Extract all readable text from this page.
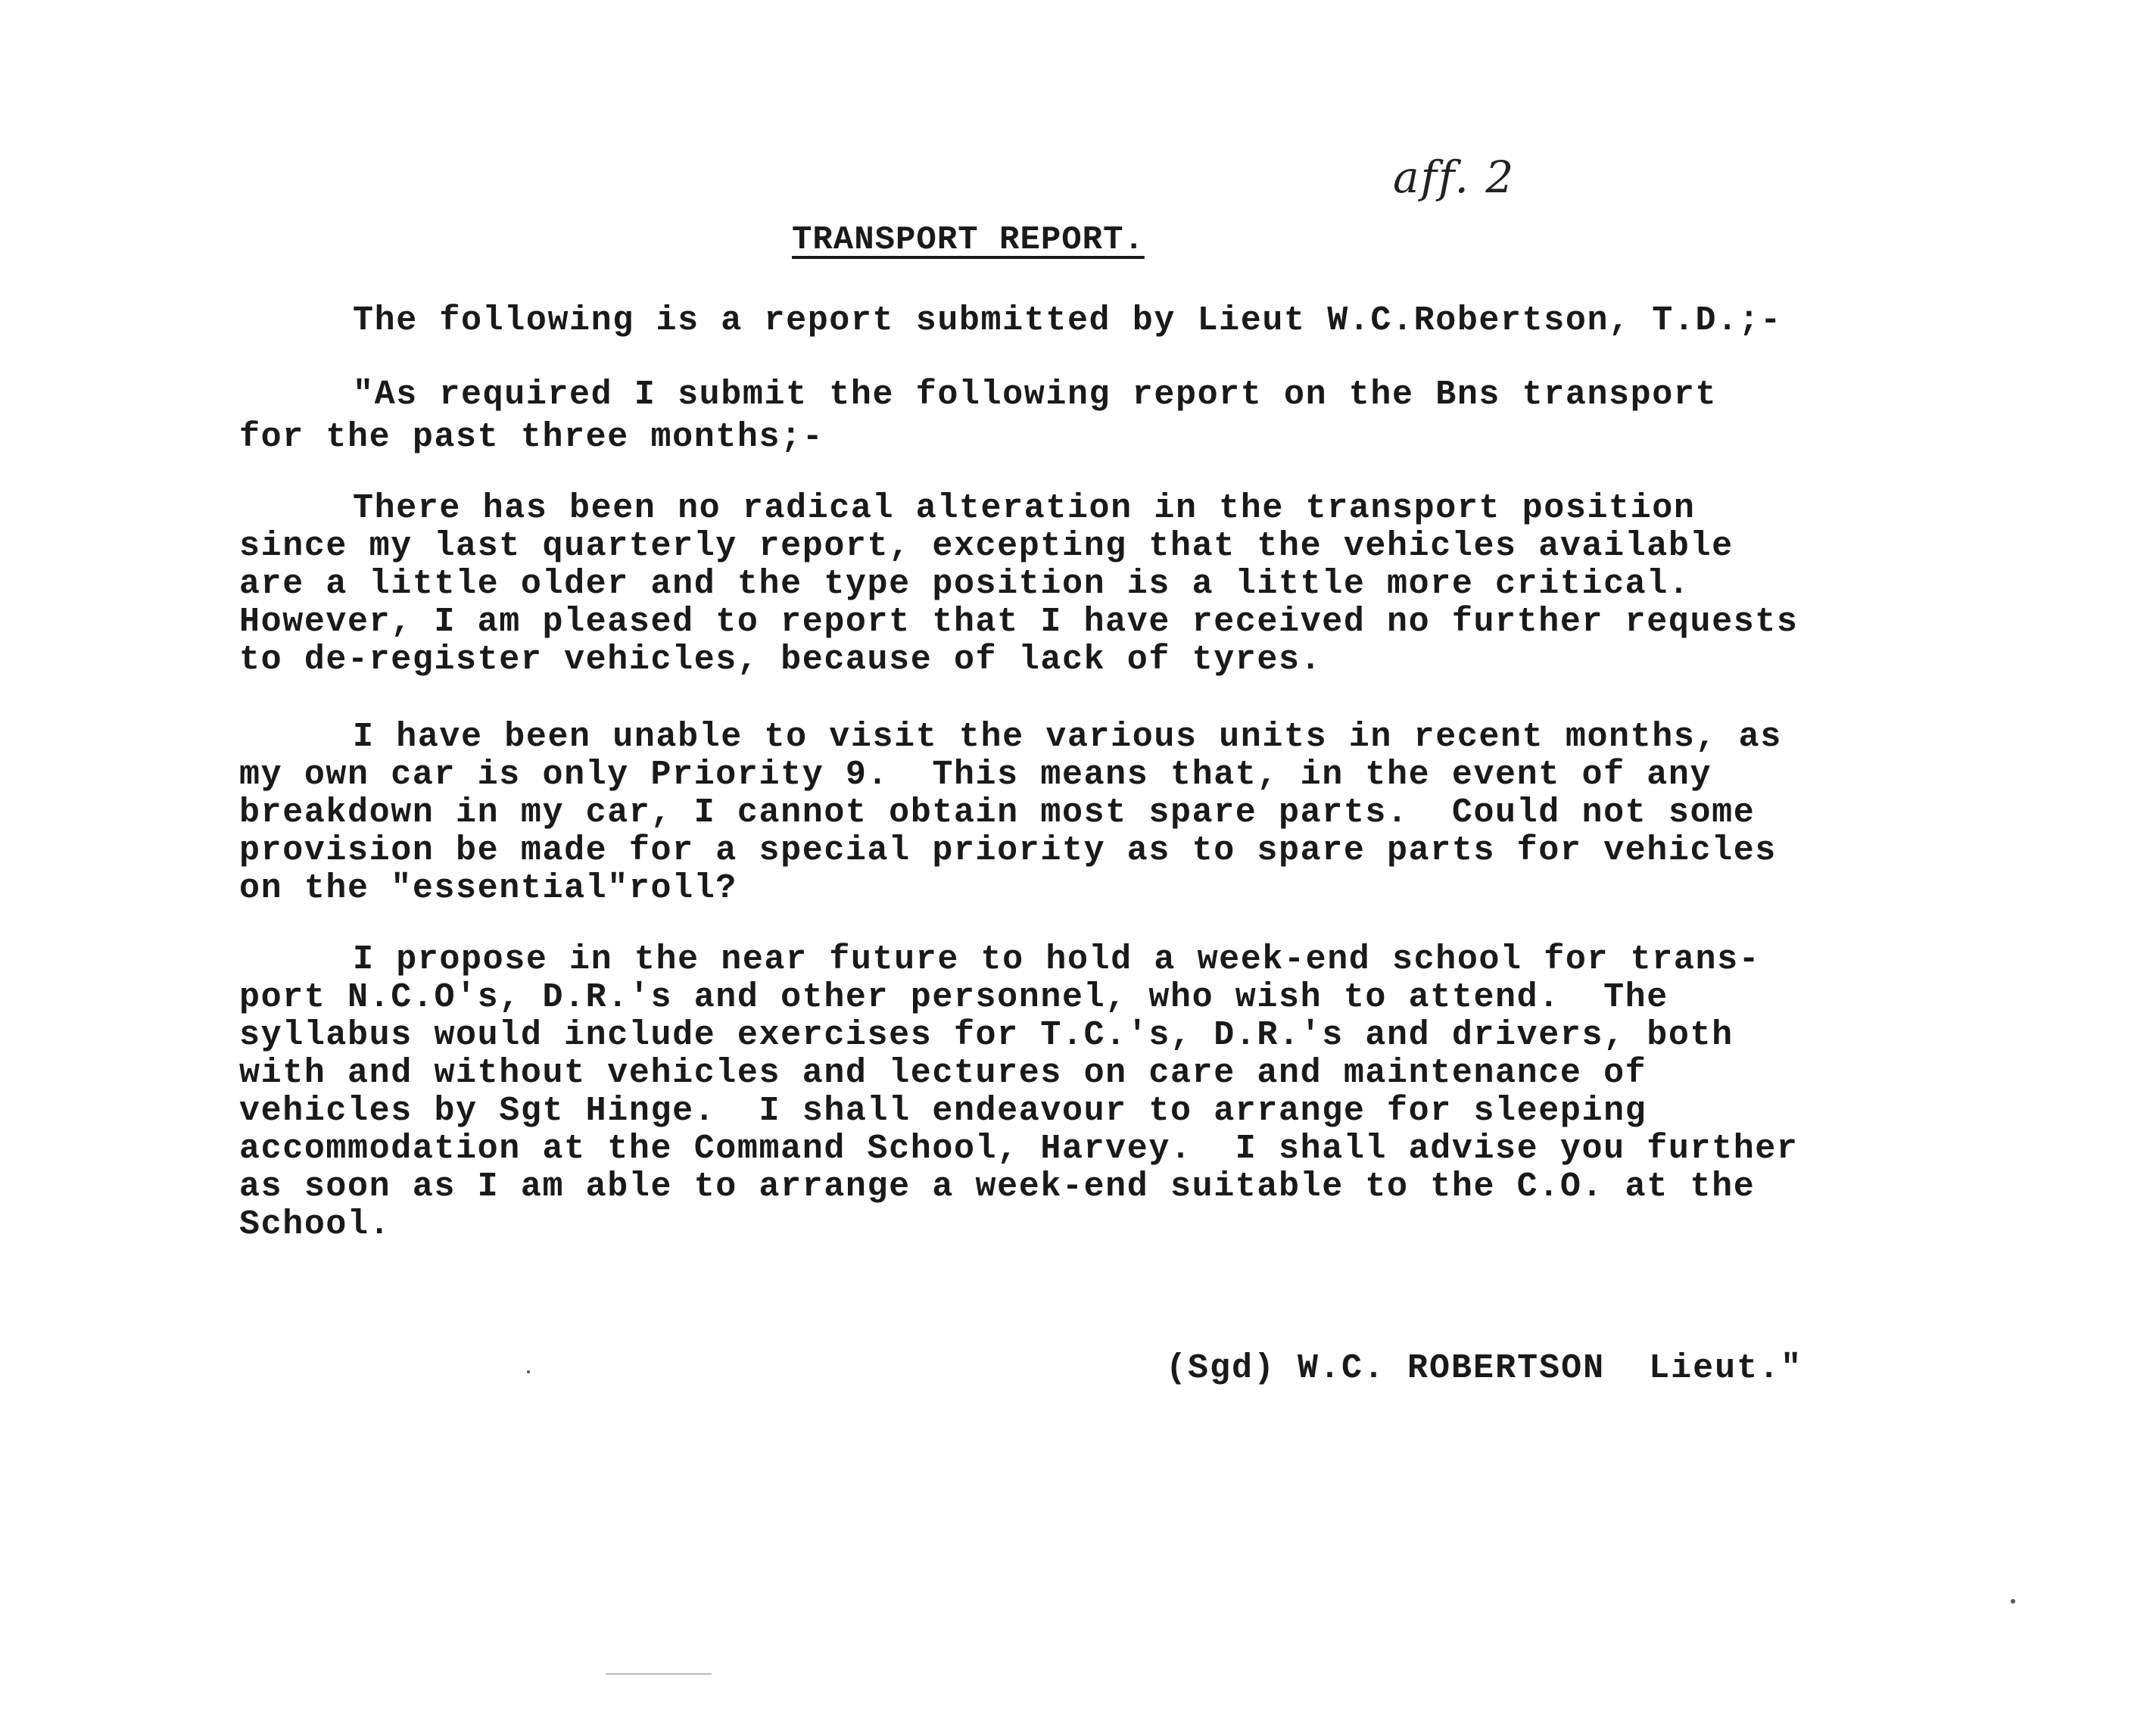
aff. 2
TRANSPORT REPORT.
The following is a report submitted by Lieut W.C.Robertson, T.D.;-
"As required I submit the following report on the Bns transport
for the past three months;-
There has been no radical alteration in the transport position
since my last quarterly report, excepting that the vehicles available
are a little older and the type position is a little more critical.
However, I am pleased to report that I have received no further requests
to de-register vehicles, because of lack of tyres.
I have been unable to visit the various units in recent months, as
my own car is only Priority 9.  This means that, in the event of any
breakdown in my car, I cannot obtain most spare parts.  Could not some
provision be made for a special priority as to spare parts for vehicles
on the "essential"roll?
I propose in the near future to hold a week-end school for trans-
port N.C.O's, D.R.'s and other personnel, who wish to attend.  The
syllabus would include exercises for T.C.'s, D.R.'s and drivers, both
with and without vehicles and lectures on care and maintenance of
vehicles by Sgt Hinge.  I shall endeavour to arrange for sleeping
accommodation at the Command School, Harvey.  I shall advise you further
as soon as I am able to arrange a week-end suitable to the C.O. at the
School.
(Sgd) W.C. ROBERTSON  Lieut."
